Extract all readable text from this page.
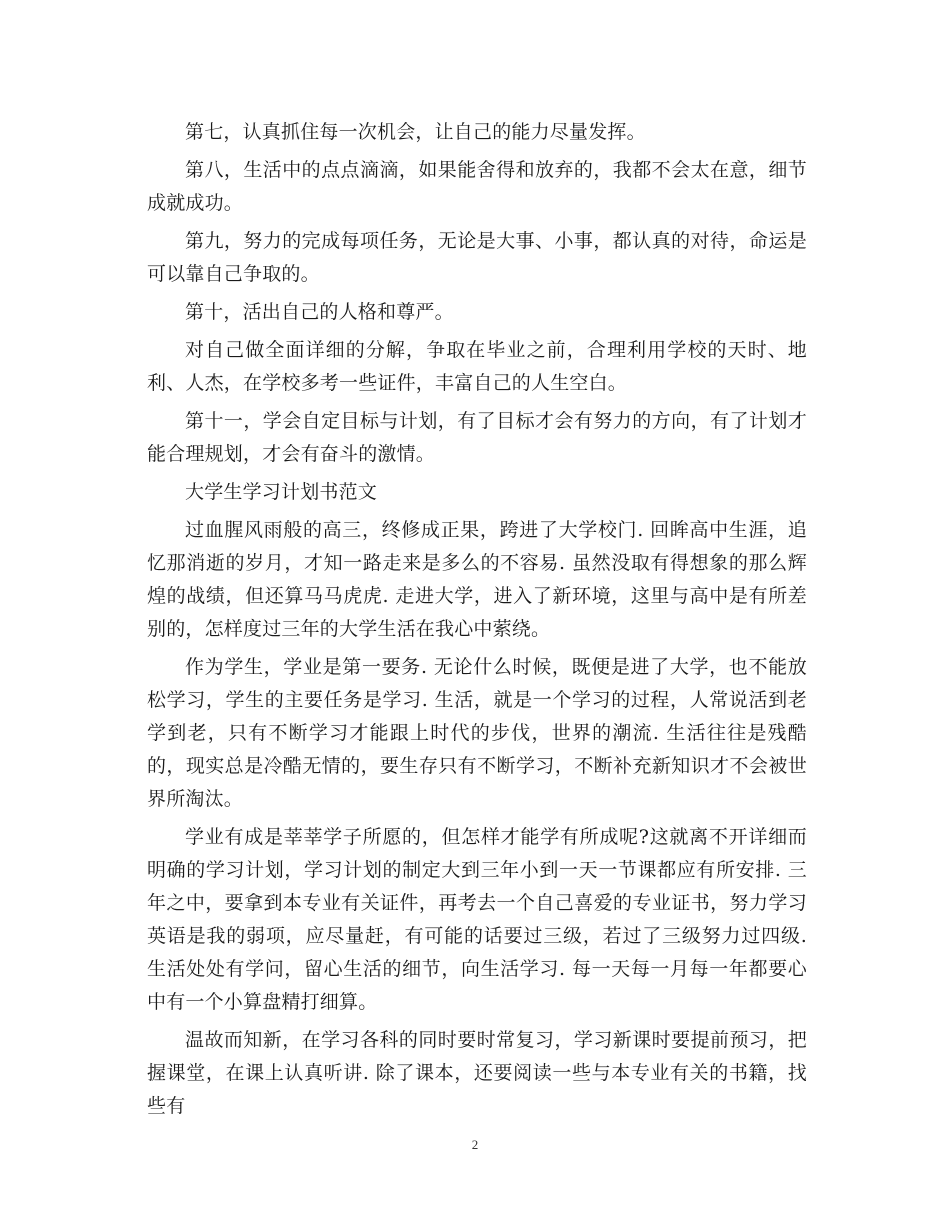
第七，认真抓住每一次机会，让自己的能力尽量发挥。

第八，生活中的点点滴滴，如果能舍得和放弃的，我都不会太在意，细节成就成功。

第九，努力的完成每项任务，无论是大事、小事，都认真的对待，命运是可以靠自己争取的。

第十，活出自己的人格和尊严。

对自己做全面详细的分解，争取在毕业之前，合理利用学校的天时、地利、人杰，在学校多考一些证件，丰富自己的人生空白。

第十一，学会自定目标与计划，有了目标才会有努力的方向，有了计划才能合理规划，才会有奋斗的激情。

大学生学习计划书范文

过血腥风雨般的高三，终修成正果，跨进了大学校门. 回眸高中生涯，追忆那消逝的岁月，才知一路走来是多么的不容易. 虽然没取有得想象的那么辉煌的战绩，但还算马马虎虎. 走进大学，进入了新环境，这里与高中是有所差别的，怎样度过三年的大学生活在我心中萦绕。

作为学生，学业是第一要务. 无论什么时候，既便是进了大学，也不能放松学习，学生的主要任务是学习. 生活，就是一个学习的过程，人常说活到老学到老，只有不断学习才能跟上时代的步伐，世界的潮流. 生活往往是残酷的，现实总是冷酷无情的，要生存只有不断学习，不断补充新知识才不会被世界所淘汰。

学业有成是莘莘学子所愿的，但怎样才能学有所成呢?这就离不开详细而明确的学习计划，学习计划的制定大到三年小到一天一节课都应有所安排. 三年之中，要拿到本专业有关证件，再考去一个自己喜爱的专业证书，努力学习英语是我的弱项，应尽量赶，有可能的话要过三级，若过了三级努力过四级. 生活处处有学问，留心生活的细节，向生活学习. 每一天每一月每一年都要心中有一个小算盘精打细算。

温故而知新，在学习各科的同时要时常复习，学习新课时要提前预习，把握课堂，在课上认真听讲. 除了课本，还要阅读一些与本专业有关的书籍，找些有

2
